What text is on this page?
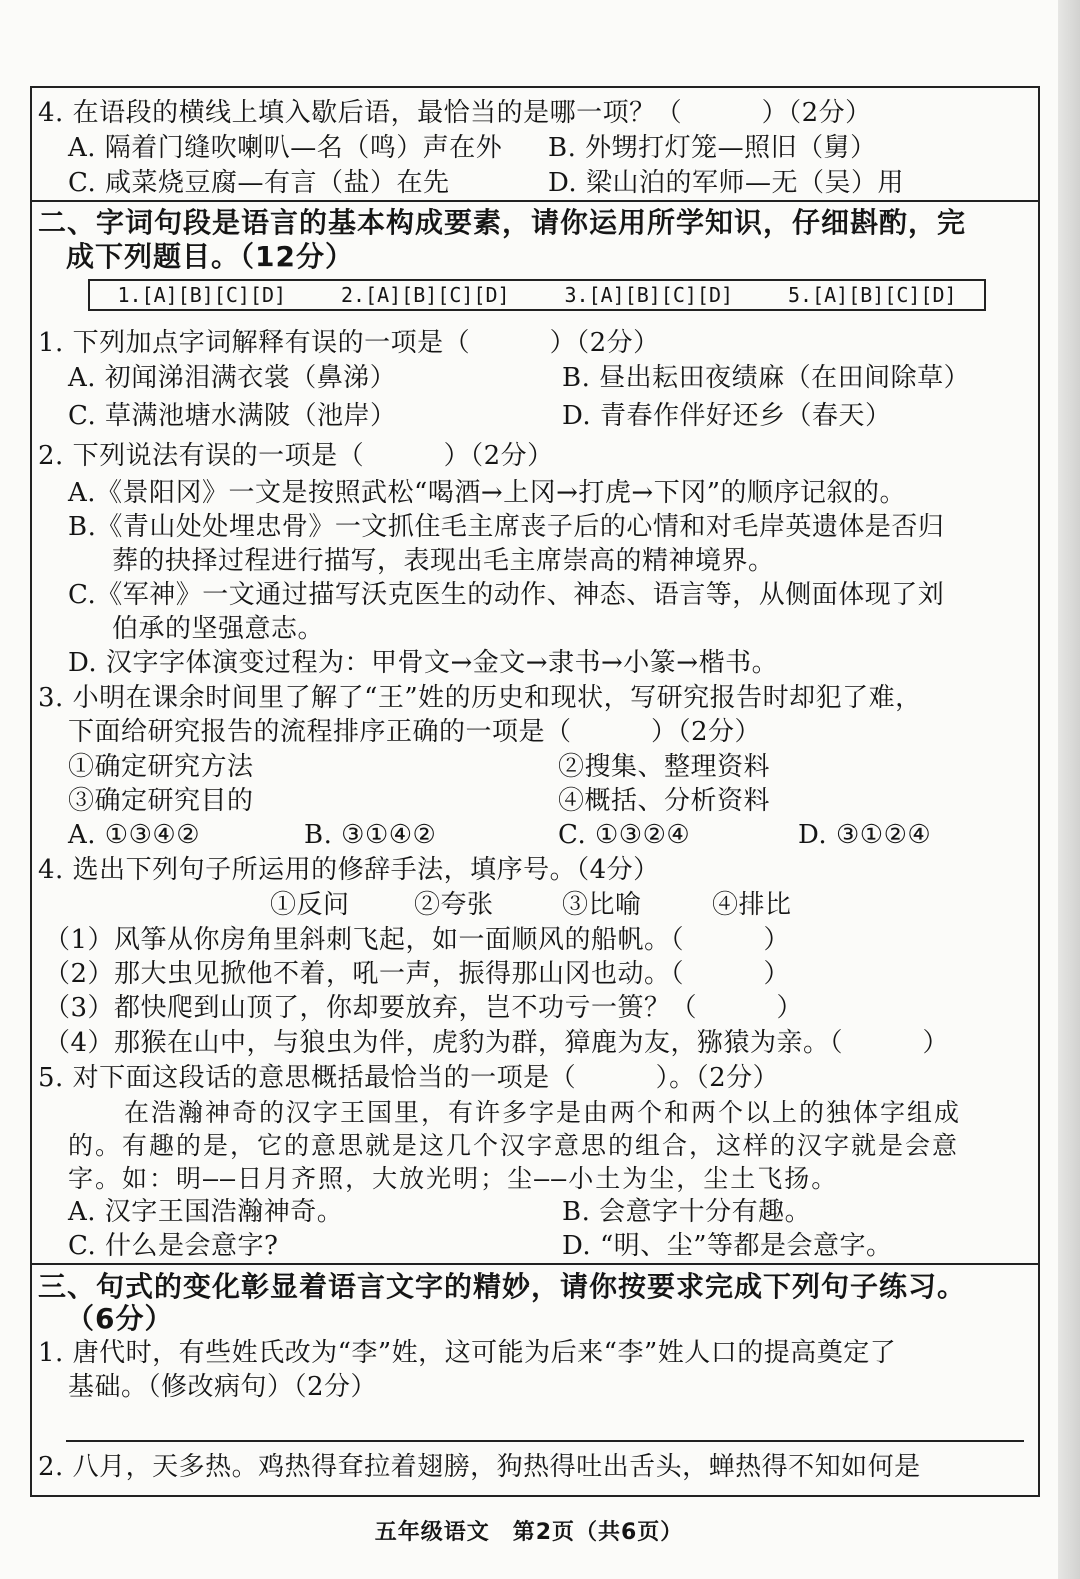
4. 在语段的横线上填入歇后语，最恰当的是哪一项？（　　　）（2分）
A. 隔着门缝吹喇叭—名（鸣）声在外 B. 外甥打灯笼—照旧（舅）
C. 咸菜烧豆腐—有言（盐）在先	D. 梁山泊的军师—无（吴）用
二、字词句段是语言的基本构成要素，请你运用所学知识，仔细斟酌，完
成下列题目。（12分）
1.[A][B][C][D]	2.[A][B][C][D]	3.[A][B][C][D]	5.[A][B][C][D]
1. 下列加点字词解释有误的一项是（　　　）（2分）
A. 初闻涕泪满衣裳（鼻涕）	B. 昼出耘田夜绩麻（在田间除草）
C. 草满池塘水满陂（池岸）	D. 青春作伴好还乡（春天）
2. 下列说法有误的一项是（　　　）（2分）
A.《景阳冈》一文是按照武松“喝酒→上冈→打虎→下冈”的顺序记叙的。
B.《青山处处埋忠骨》一文抓住毛主席丧子后的心情和对毛岸英遗体是否归
葬的抉择过程进行描写，表现出毛主席崇高的精神境界。
C.《军神》一文通过描写沃克医生的动作、神态、语言等，从侧面体现了刘
伯承的坚强意志。
D. 汉字字体演变过程为：甲骨文→金文→隶书→小篆→楷书。
3. 小明在课余时间里了解了“王”姓的历史和现状，写研究报告时却犯了难，
下面给研究报告的流程排序正确的一项是（　　　）（2分）
①确定研究方法	②搜集、整理资料
③确定研究目的	④概括、分析资料
A. ①③④②	B. ③①④②	C. ①③②④	D. ③①②④
4. 选出下列句子所运用的修辞手法，填序号。（4分）
①反问 ②夸张	③比喻	④排比
（1）风筝从你房角里斜刺飞起，如一面顺风的船帆。（　　　）
（2）那大虫见掀他不着，吼一声，振得那山冈也动。（　　　）
（3）都快爬到山顶了，你却要放弃，岂不功亏一篑？（　　　）
（4）那猴在山中，与狼虫为伴，虎豹为群，獐鹿为友，猕猿为亲。（　　　）
5. 对下面这段话的意思概括最恰当的一项是（　　　）。（2分）
在浩瀚神奇的汉字王国里，有许多字是由两个和两个以上的独体字组成
的。有趣的是，它的意思就是这几个汉字意思的组合，这样的汉字就是会意
字。如：明——日月齐照，大放光明；尘——小土为尘，尘土飞扬。
A. 汉字王国浩瀚神奇。	B. 会意字十分有趣。
C. 什么是会意字?	D. “明、尘”等都是会意字。
三、句式的变化彰显着语言文字的精妙，请你按要求完成下列句子练习。
（6分）
1. 唐代时，有些姓氏改为“李”姓，这可能为后来“李”姓人口的提高奠定了
基础。（修改病句）（2分）
2. 八月，天多热。鸡热得耷拉着翅膀，狗热得吐出舌头，蝉热得不知如何是
五年级语文　第2页（共6页）
